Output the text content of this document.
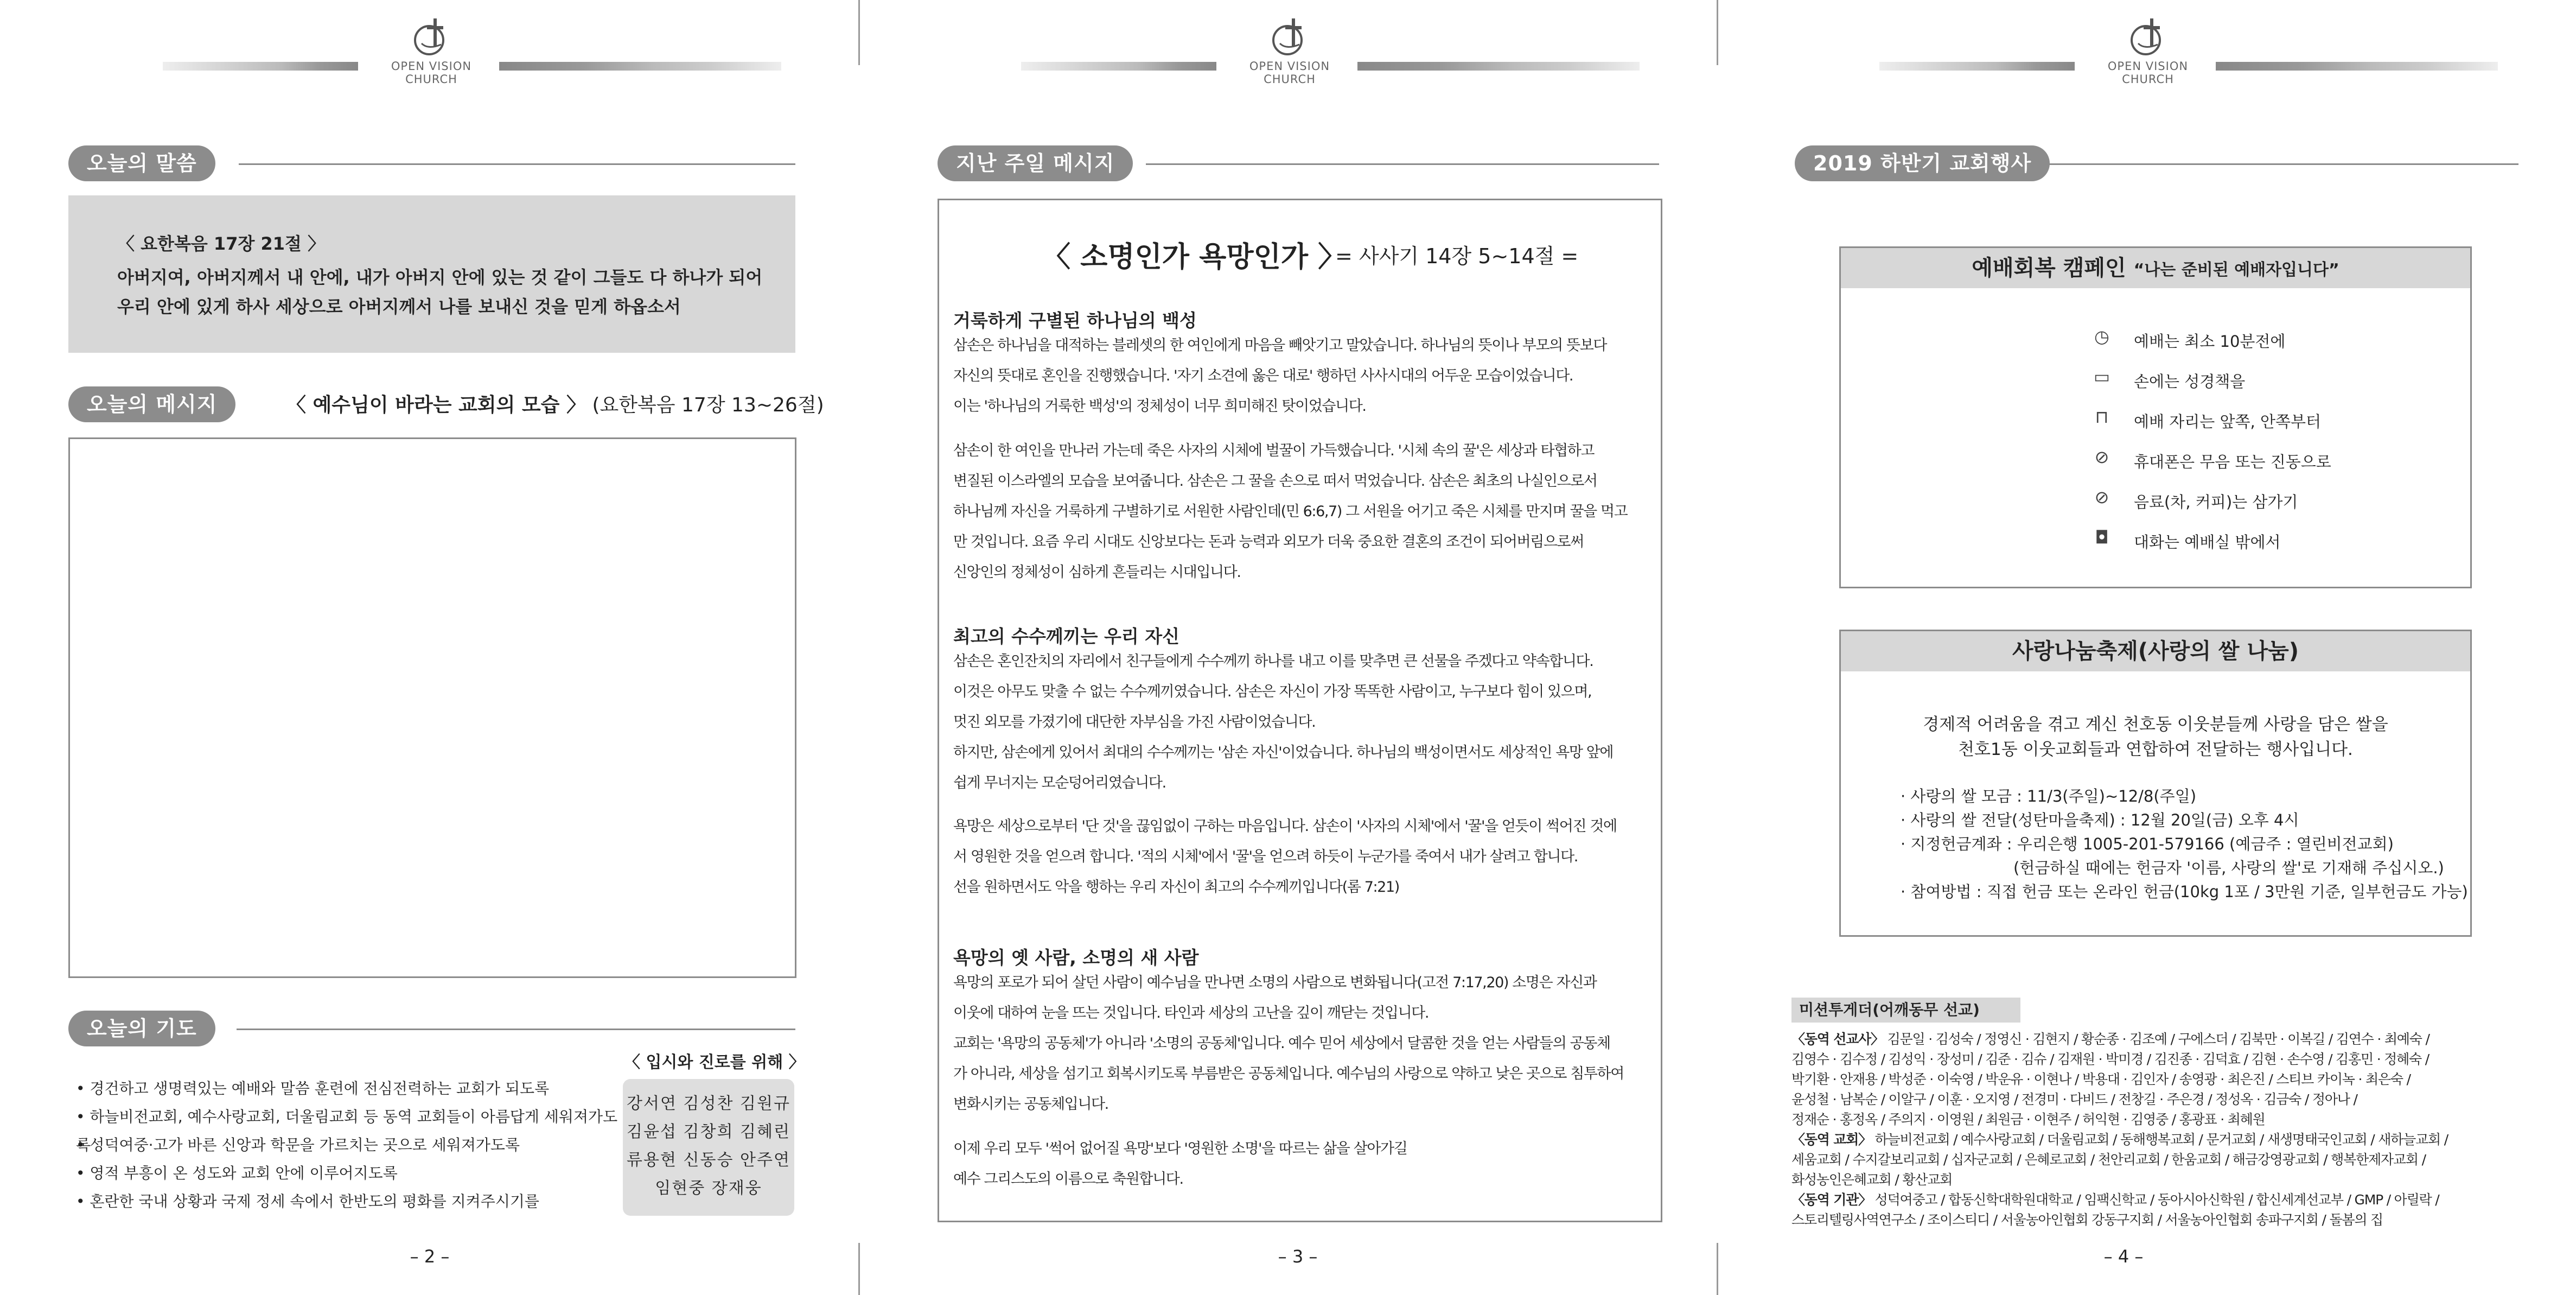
OPEN VISION CHURCH
오늘의 말씀
〈 요한복음 17장 21절 〉
아버지여, 아버지께서 내 안에, 내가 아버지 안에 있는 것 같이 그들도 다 하나가 되어
우리 안에 있게 하사 세상으로 아버지께서 나를 보내신 것을 믿게 하옵소서
오늘의 메시지	〈 예수님이 바라는 교회의 모습 〉 (요한복음 17장 13~26절)
오늘의 기도
• 경건하고 생명력있는 예배와 말씀 훈련에 전심전력하는 교회가 되도록
• 하늘비전교회, 예수사랑교회, 더울림교회 등 동역 교회들이 아름답게 세워져가도록
• 성덕여중·고가 바른 신앙과 학문을 가르치는 곳으로 세워져가도록
• 영적 부흥이 온 성도와 교회 안에 이루어지도록
• 혼란한 국내 상황과 국제 정세 속에서 한반도의 평화를 지켜주시기를
〈 입시와 진로를 위해 〉
강서연 김성찬 김원규
김윤섭 김창희 김혜린
류용현 신동승 안주연
임현중 장재웅
– 2 –
OPEN VISION CHURCH
지난 주일 메시지
〈 소명인가 욕망인가 〉
= 사사기 14장 5~14절 =
거룩하게 구별된 하나님의 백성
삼손은 하나님을 대적하는 블레셋의 한 여인에게 마음을 빼앗기고 말았습니다. 하나님의 뜻이나 부모의 뜻보다
자신의 뜻대로 혼인을 진행했습니다. '자기 소견에 옳은 대로' 행하던 사사시대의 어두운 모습이었습니다.
이는 '하나님의 거룩한 백성'의 정체성이 너무 희미해진 탓이었습니다.
삼손이 한 여인을 만나러 가는데 죽은 사자의 시체에 벌꿀이 가득했습니다. '시체 속의 꿀'은 세상과 타협하고
변질된 이스라엘의 모습을 보여줍니다. 삼손은 그 꿀을 손으로 떠서 먹었습니다. 삼손은 최초의 나실인으로서
하나님께 자신을 거룩하게 구별하기로 서원한 사람인데(민 6:6,7) 그 서원을 어기고 죽은 시체를 만지며 꿀을 먹고
만 것입니다. 요즘 우리 시대도 신앙보다는 돈과 능력과 외모가 더욱 중요한 결혼의 조건이 되어버림으로써
신앙인의 정체성이 심하게 흔들리는 시대입니다.
최고의 수수께끼는 우리 자신
삼손은 혼인잔치의 자리에서 친구들에게 수수께끼 하나를 내고 이를 맞추면 큰 선물을 주겠다고 약속합니다.
이것은 아무도 맞출 수 없는 수수께끼였습니다. 삼손은 자신이 가장 똑똑한 사람이고, 누구보다 힘이 있으며,
멋진 외모를 가졌기에 대단한 자부심을 가진 사람이었습니다.
하지만, 삼손에게 있어서 최대의 수수께끼는 '삼손 자신'이었습니다. 하나님의 백성이면서도 세상적인 욕망 앞에
쉽게 무너지는 모순덩어리였습니다.
욕망은 세상으로부터 '단 것'을 끊임없이 구하는 마음입니다. 삼손이 '사자의 시체'에서 '꿀'을 얻듯이 썩어진 것에
서 영원한 것을 얻으려 합니다. '적의 시체'에서 '꿀'을 얻으려 하듯이 누군가를 죽여서 내가 살려고 합니다.
선을 원하면서도 악을 행하는 우리 자신이 최고의 수수께끼입니다(롬 7:21)
욕망의 옛 사람, 소명의 새 사람
욕망의 포로가 되어 살던 사람이 예수님을 만나면 소명의 사람으로 변화됩니다(고전 7:17,20) 소명은 자신과
이웃에 대하여 눈을 뜨는 것입니다. 타인과 세상의 고난을 깊이 깨닫는 것입니다.
교회는 '욕망의 공동체'가 아니라 '소명의 공동체'입니다. 예수 믿어 세상에서 달콤한 것을 얻는 사람들의 공동체
가 아니라, 세상을 섬기고 회복시키도록 부름받은 공동체입니다. 예수님의 사랑으로 약하고 낮은 곳으로 침투하여
변화시키는 공동체입니다.
이제 우리 모두 '썩어 없어질 욕망'보다 '영원한 소명'을 따르는 삶을 살아가길
예수 그리스도의 이름으로 축원합니다.
– 3 –
OPEN VISION CHURCH
2019 하반기 교회행사
예배회복 캠페인 “나는 준비된 예배자입니다”
◷	예배는 최소 10분전에
▭ 손에는 성경책을
⊓	예배 자리는 앞쪽, 안쪽부터
⊘	휴대폰은 무음 또는 진동으로
⊘	음료(차, 커피)는 삼가기
◘	대화는 예배실 밖에서
사랑나눔축제(사랑의 쌀 나눔)
경제적 어려움을 겪고 계신 천호동 이웃분들께 사랑을 담은 쌀을
천호1동 이웃교회들과 연합하여 전달하는 행사입니다.
· 사랑의 쌀 모금 : 11/3(주일)~12/8(주일)
· 사랑의 쌀 전달(성탄마을축제) : 12월 20일(금) 오후 4시
· 지정헌금계좌 : 우리은행 1005-201-579166 (예금주 : 열린비전교회)
(헌금하실 때에는 헌금자 '이름, 사랑의 쌀'로 기재해 주십시오.)
· 참여방법 : 직접 헌금 또는 온라인 헌금(10kg 1포 / 3만원 기준, 일부헌금도 가능)
미션투게더(어깨동무 선교)
〈동역 선교사〉 김문일 · 김성숙 / 정영신 · 김현지 / 황순종 · 김조예 / 구에스더 / 김북만 · 이복길 / 김연수 · 최예숙 /
김영수 · 김수정 / 김성익 · 장성미 / 김준 · 김슈 / 김재원 · 박미경 / 김진종 · 김덕효 / 김현 · 손수영 / 김홍민 · 정혜숙 /
박기환 · 안재용 / 박성준 · 이숙영 / 박운유 · 이현나 / 박용대 · 김인자 / 송영광 · 최은진 / 스티브 카이녹 · 최은숙 /
윤성철 · 남복순 / 이알구 / 이훈 · 오지영 / 전경미 · 다비드 / 전창길 · 주은경 / 정성옥 · 김금숙 / 정아나 /
정재순 · 홍정옥 / 주의지 · 이영원 / 최원금 · 이현주 / 허익현 · 김영중 / 홍광표 · 최혜원
〈동역 교회〉 하늘비전교회 / 예수사랑교회 / 더울림교회 / 동해행복교회 / 문거교회 / 새생명태국인교회 / 새하늘교회 /
세움교회 / 수지갈보리교회 / 십자군교회 / 은혜로교회 / 천안리교회 / 한움교회 / 해금강영광교회 / 행복한제자교회 /
화성농인은혜교회 / 황산교회
〈동역 기관〉 성덕여중고 / 합동신학대학원대학교 / 임팩신학교 / 동아시아신학원 / 합신세계선교부 / GMP / 아릴락 /
스토리텔링사역연구소 / 조이스티디 / 서울농아인협회 강동구지회 / 서울농아인협회 송파구지회 / 돌봄의 집
– 4 –
